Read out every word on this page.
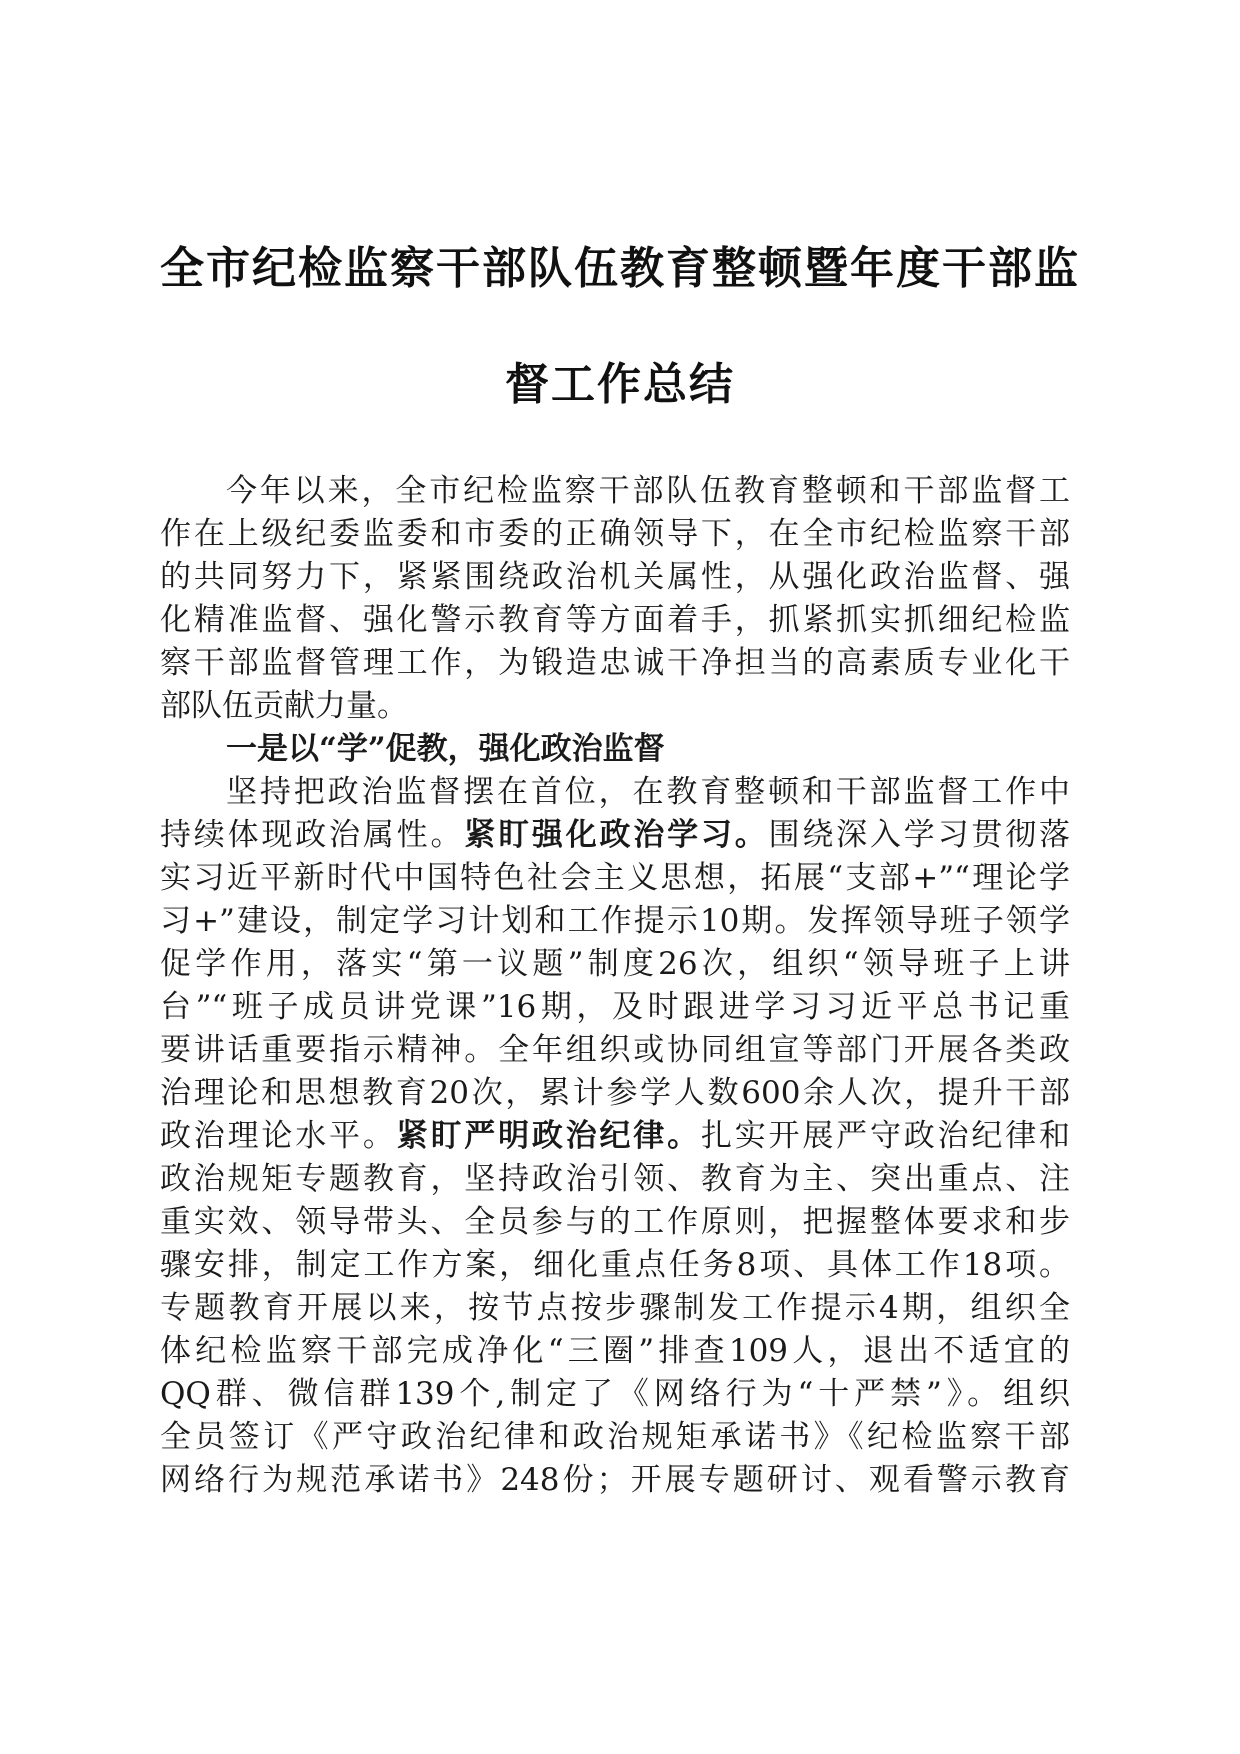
全市纪检监察干部队伍教育整顿暨年度干部监
督工作总结
今年以来，全市纪检监察干部队伍教育整顿和干部监督工
作在上级纪委监委和市委的正确领导下，在全市纪检监察干部
的共同努力下，紧紧围绕政治机关属性，从强化政治监督、强
化精准监督、强化警示教育等方面着手，抓紧抓实抓细纪检监
察干部监督管理工作，为锻造忠诚干净担当的高素质专业化干
部队伍贡献力量。
一是以“学”促教，强化政治监督
坚持把政治监督摆在首位，在教育整顿和干部监督工作中
持续体现政治属性。紧盯强化政治学习。围绕深入学习贯彻落
实习近平新时代中国特色社会主义思想，拓展“支部+”“理论学
习+”建设，制定学习计划和工作提示10期。发挥领导班子领学
促学作用，落实“第一议题”制度26次，组织“领导班子上讲
台”“班子成员讲党课”16期，及时跟进学习习近平总书记重
要讲话重要指示精神。全年组织或协同组宣等部门开展各类政
治理论和思想教育20次，累计参学人数600余人次，提升干部
政治理论水平。紧盯严明政治纪律。扎实开展严守政治纪律和
政治规矩专题教育，坚持政治引领、教育为主、突出重点、注
重实效、领导带头、全员参与的工作原则，把握整体要求和步
骤安排，制定工作方案，细化重点任务8项、具体工作18项。
专题教育开展以来，按节点按步骤制发工作提示4期，组织全
体纪检监察干部完成净化“三圈”排查109人，退出不适宜的
QQ群、微信群139个,制定了《网络行为“十严禁”》。组织
全员签订《严守政治纪律和政治规矩承诺书》《纪检监察干部
网络行为规范承诺书》248份；开展专题研讨、观看警示教育
